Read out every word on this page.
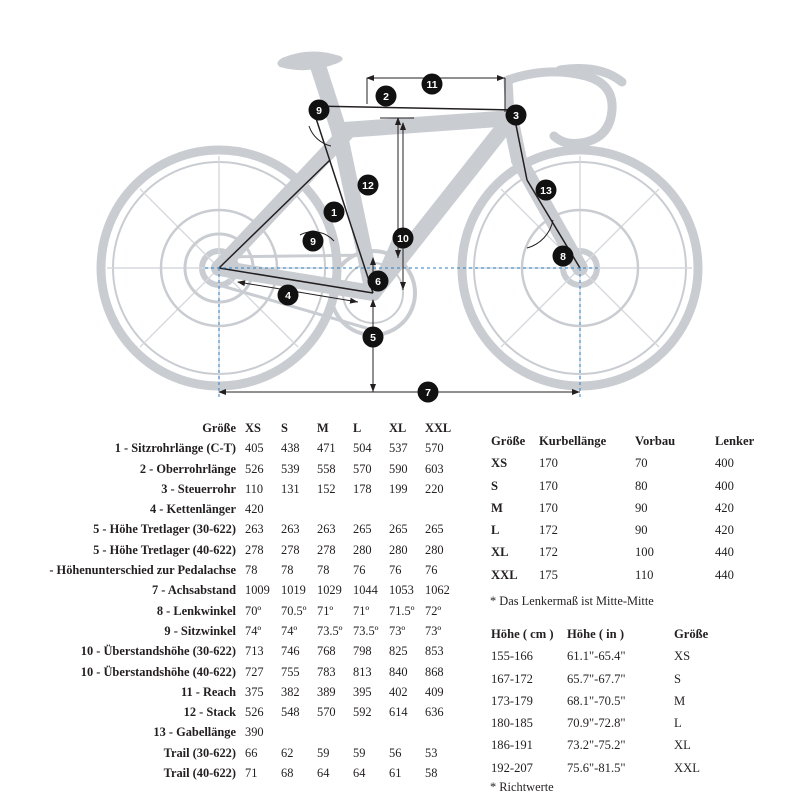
1
2
3
4
5
6
7
8
9
9	10
11
12	13
Größe	XS	S	M	L	XL	XXL
1 - Sitzrohrlänge (C-T)	405	438	471	504	537	570
2 - Oberrohrlänge	526	539	558	570	590	603
3 - Steuerrohr	110	131	152	178	199	220
4 - Kettenlänger	420					
5 - Höhe Tretlager (30-622)	263	263	263	265	265	265
5 - Höhe Tretlager (40-622)	278	278	278	280	280	280
- Höhenunterschied zur Pedalachse	78	78	78	76	76	76
7 - Achsabstand	1009	1019	1029	1044	1053	1062
8 - Lenkwinkel	70º	70.5º	71º	71º	71.5º	72º
9 - Sitzwinkel	74º	74º	73.5º	73.5º	73º	73º
10 - Überstandshöhe (30-622)	713	746	768	798	825	853
10 - Überstandshöhe (40-622)	727	755	783	813	840	868
11 - Reach	375	382	389	395	402	409
12 - Stack	526	548	570	592	614	636
13 - Gabellänge	390					
Trail (30-622)	66	62	59	59	56	53
Trail (40-622)	71	68	64	64	61	58
Größe	Kurbellänge	Vorbau	Lenker
XS	170	70	400
S	170	80	400
M	170	90	420
L	172	90	420
XL	172	100	440
XXL	175	110	440
* Das Lenkermaß ist Mitte-Mitte
Höhe ( cm )	Höhe ( in )	Größe
155-166	61.1"-65.4"	XS
167-172	65.7"-67.7"	S
173-179	68.1"-70.5"	M
180-185	70.9"-72.8"	L
186-191	73.2"-75.2"	XL
192-207	75.6"-81.5"	XXL
* Richtwerte
